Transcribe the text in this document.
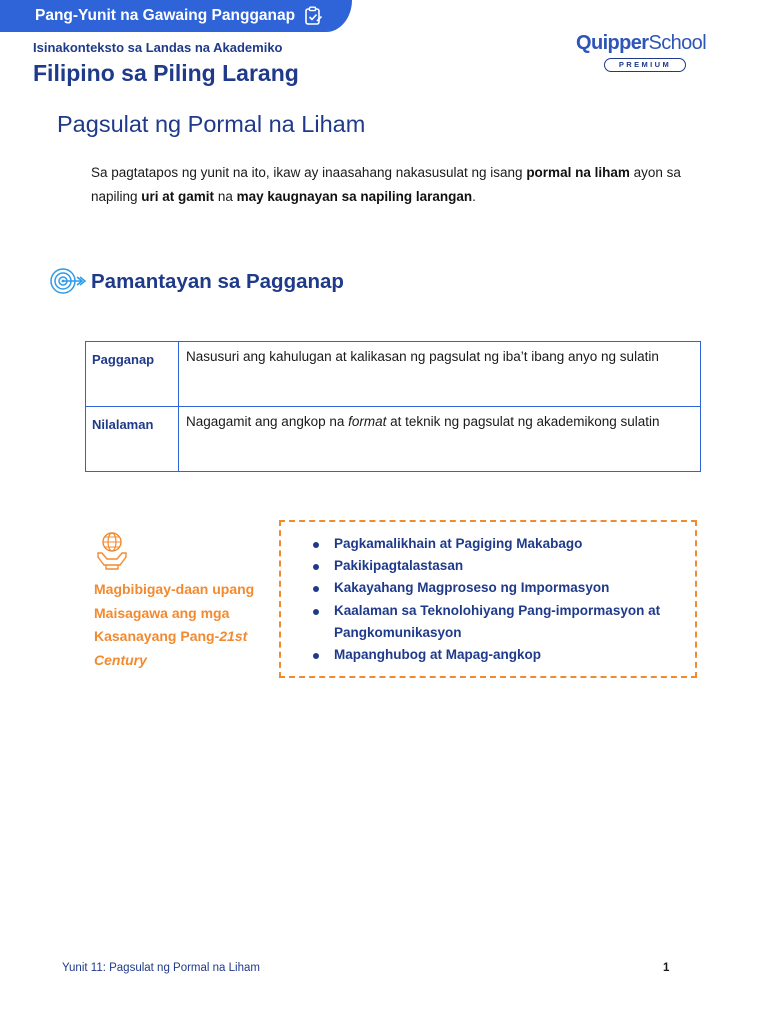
Pang-Yunit na Gawaing Pangganap
Isinakonteksto sa Landas na Akademiko
Filipino sa Piling Larang
QuipperSchool
PREMIUM
Pagsulat ng Pormal na Liham

Sa pagtatapos ng yunit na ito, ikaw ay inaasahang nakasusulat ng isang pormal na liham ayon sa napiling uri at gamit na may kaugnayan sa napiling larangan.

Pamantayan sa Pagganap
Pagganap	Nasusuri ang kahulugan at kalikasan ng pagsulat ng iba’t ibang anyo ng sulatin
Nilalaman	Nagagamit ang angkop na format at teknik ng pagsulat ng akademikong sulatin
Magbibigay-daan upang Maisagawa ang mga Kasanayang Pang-21st Century
Pagkamalikhain at Pagiging Makabago
Pakikipagtalastasan
Kakayahang Magproseso ng Impormasyon
Kaalaman sa Teknolohiyang Pang-impormasyon at Pangkomunikasyon
Mapanghubog at Mapag-angkop
Yunit 11: Pagsulat ng Pormal na Liham	1
